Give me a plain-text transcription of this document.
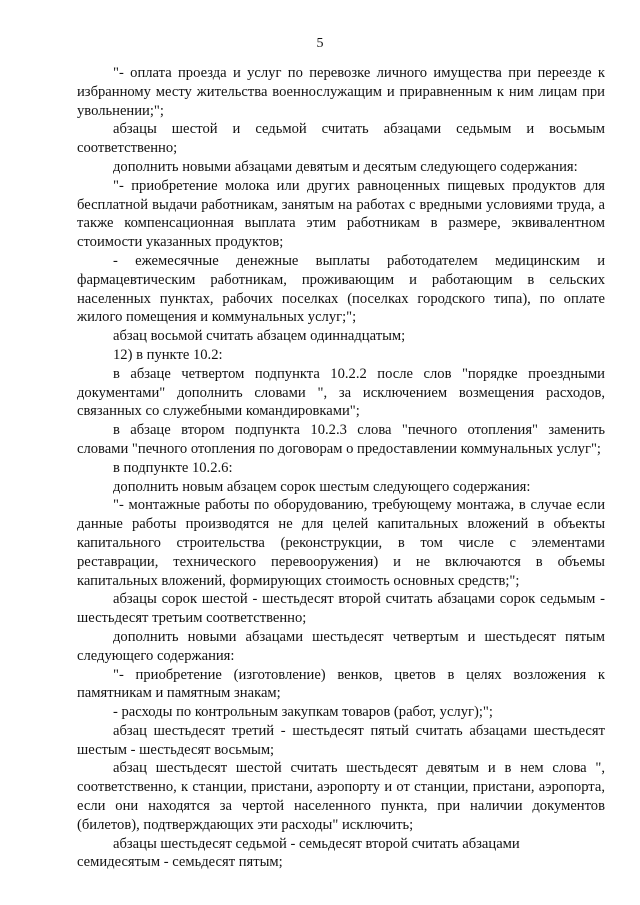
5

"- оплата проезда и услуг по перевозке личного имущества при переезде к избранному месту жительства военнослужащим и приравненным к ним лицам при увольнении;";

абзацы шестой и седьмой считать абзацами седьмым и восьмым соответственно;

дополнить новыми абзацами девятым и десятым следующего содержания:

"- приобретение молока или других равноценных пищевых продуктов для бесплатной выдачи работникам, занятым на работах с вредными условиями труда, а также компенсационная выплата этим работникам в размере, эквивалентном стоимости указанных продуктов;

- ежемесячные денежные выплаты работодателем медицинским и фармацевтическим работникам, проживающим и работающим в сельских населенных пунктах, рабочих поселках (поселках городского типа), по оплате жилого помещения и коммунальных услуг;";

абзац восьмой считать абзацем одиннадцатым;

12) в пункте 10.2:

в абзаце четвертом подпункта 10.2.2 после слов "порядке проездными документами" дополнить словами ", за исключением возмещения расходов, связанных со служебными командировками";

в абзаце втором подпункта 10.2.3 слова "печного отопления" заменить словами "печного отопления по договорам о предоставлении коммунальных услуг";

в подпункте 10.2.6:

дополнить новым абзацем сорок шестым следующего содержания:

"- монтажные работы по оборудованию, требующему монтажа, в случае если данные работы производятся не для целей капитальных вложений в объекты капитального строительства (реконструкции, в том числе с элементами реставрации, технического перевооружения) и не включаются в объемы капитальных вложений, формирующих стоимость основных средств;";

абзацы сорок шестой - шестьдесят второй считать абзацами сорок седьмым - шестьдесят третьим соответственно;

дополнить новыми абзацами шестьдесят четвертым и шестьдесят пятым следующего содержания:

"- приобретение (изготовление) венков, цветов в целях возложения к памятникам и памятным знакам;

- расходы по контрольным закупкам товаров (работ, услуг);";

абзац шестьдесят третий - шестьдесят пятый считать абзацами шестьдесят шестым - шестьдесят восьмым;

абзац шестьдесят шестой считать шестьдесят девятым и в нем слова ", соответственно, к станции, пристани, аэропорту и от станции, пристани, аэропорта, если они находятся за чертой населенного пункта, при наличии документов (билетов), подтверждающих эти расходы" исключить;

абзацы шестьдесят седьмой - семьдесят второй считать абзацами семидесятым - семьдесят пятым;
